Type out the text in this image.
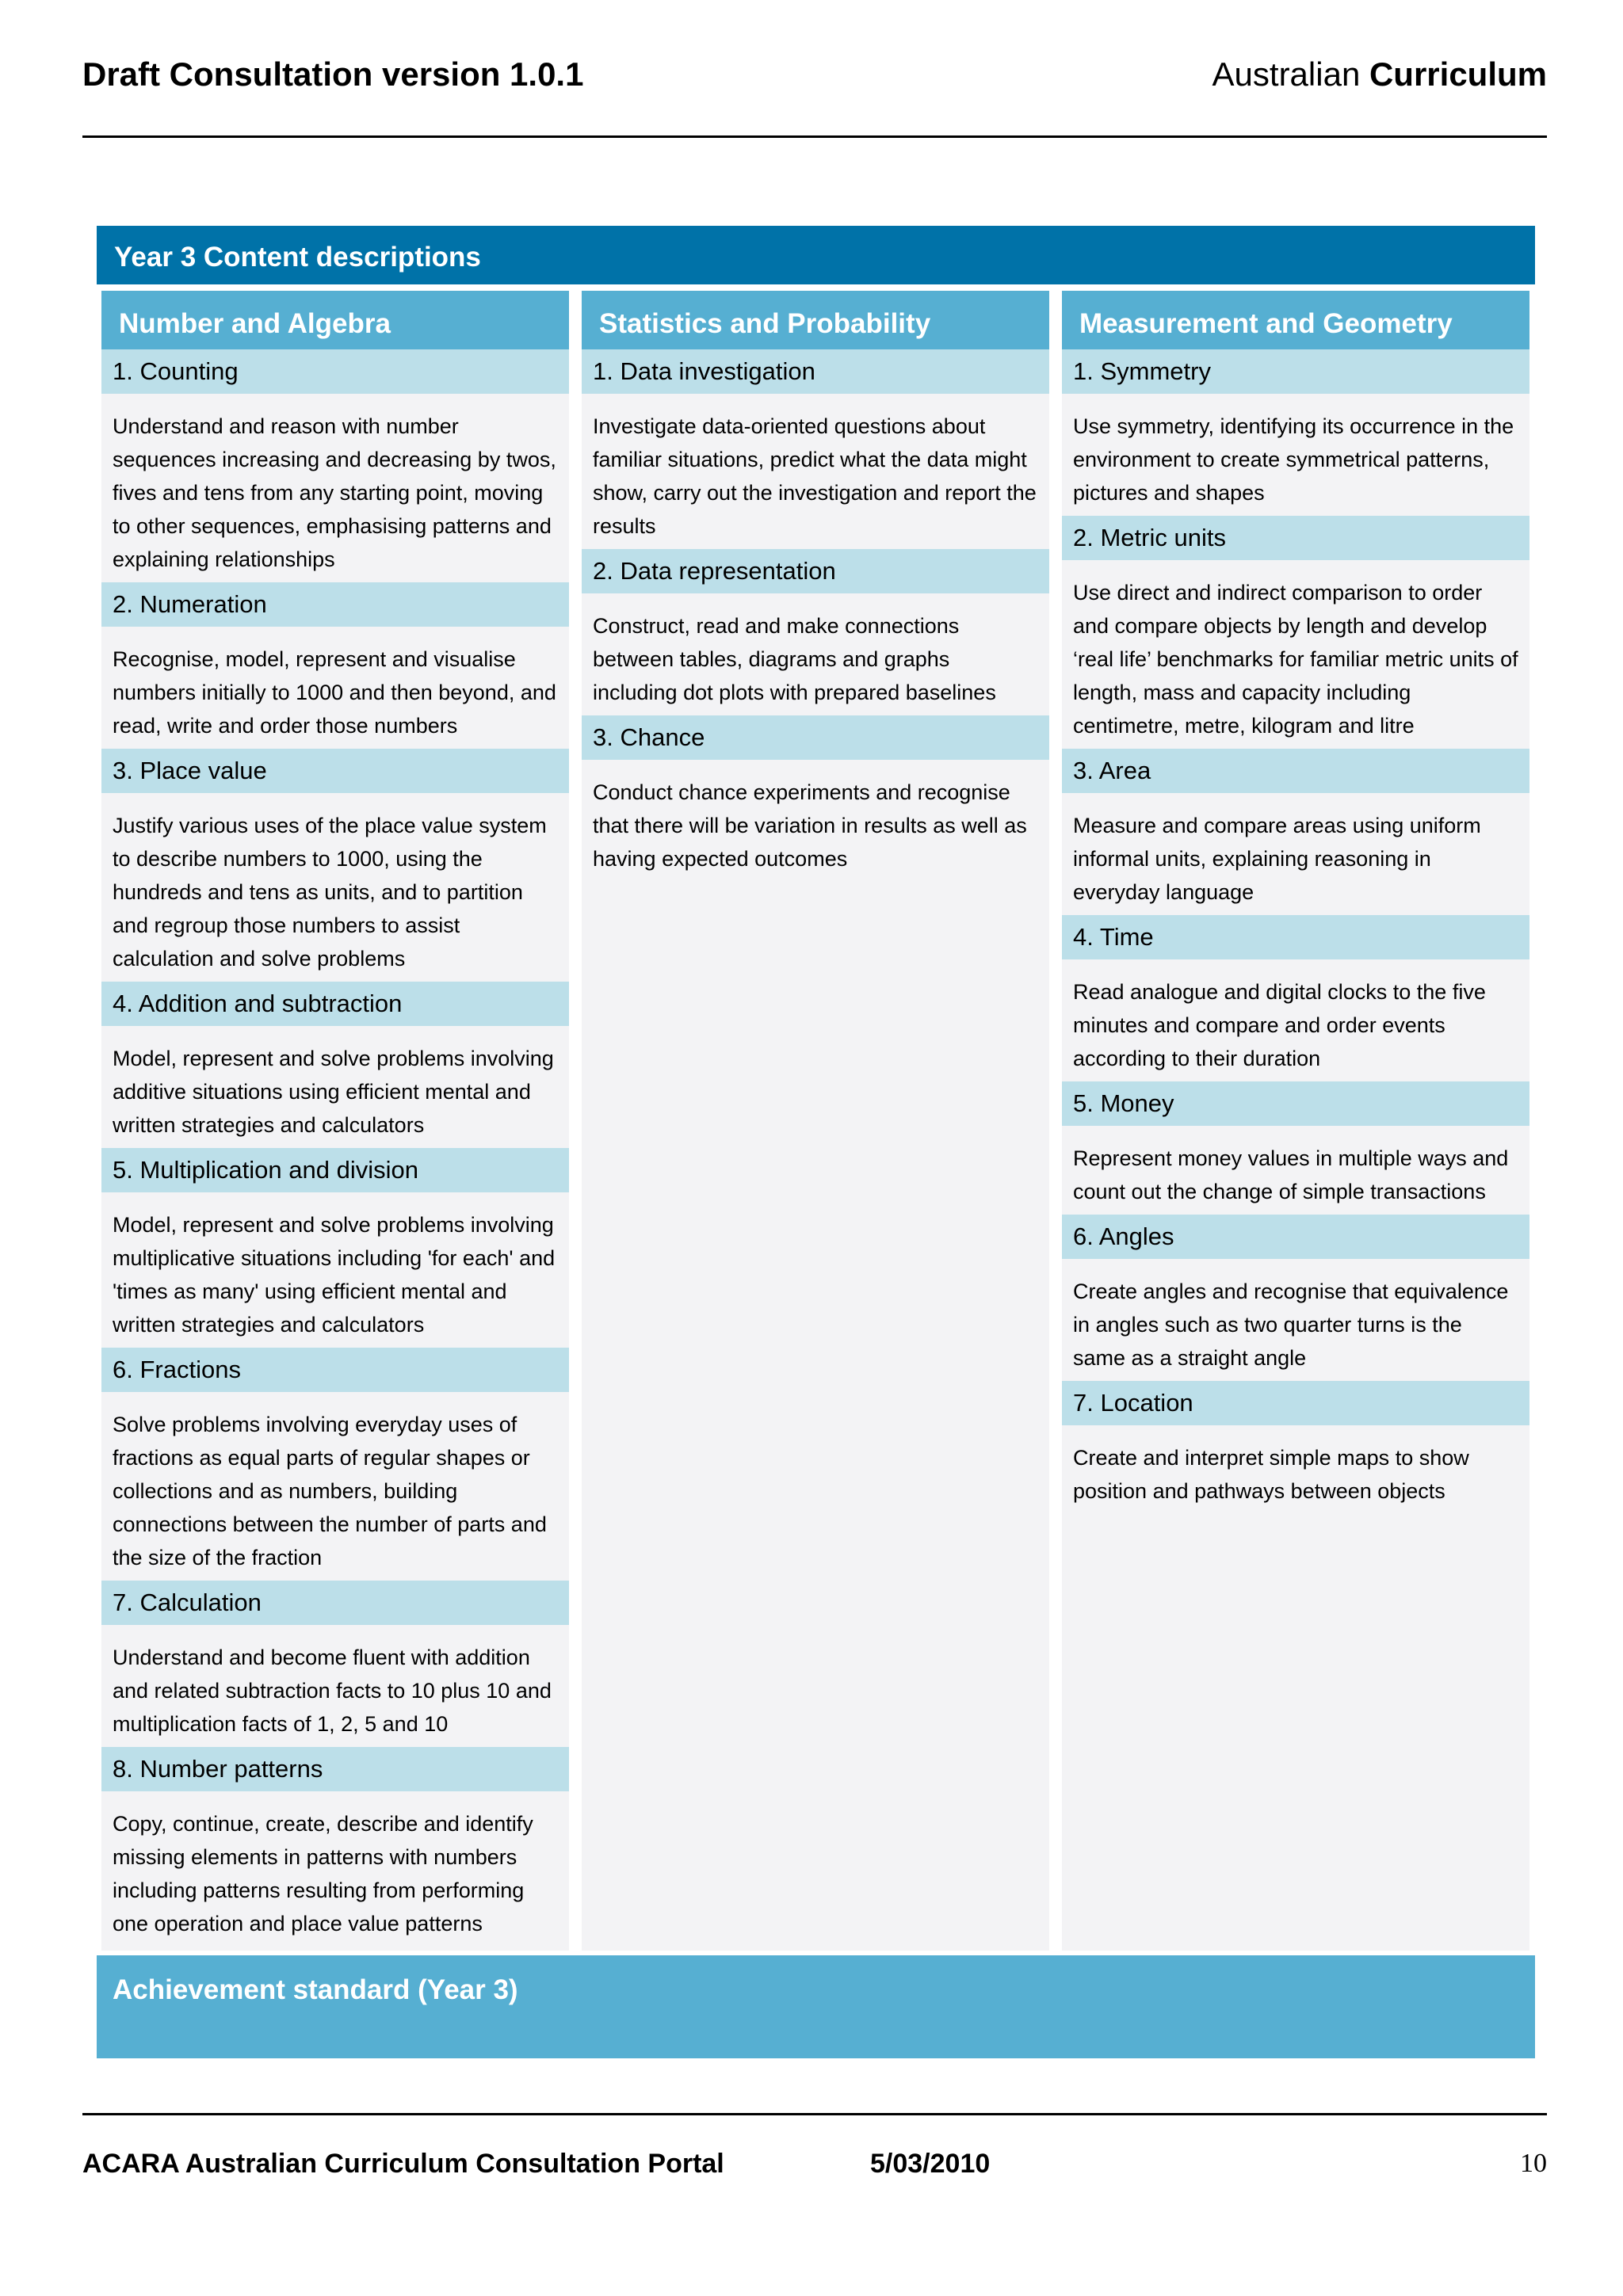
Draft Consultation version 1.0.1	Australian Curriculum
Year 3 Content descriptions
Number and Algebra
1. Counting
Understand and reason with number sequences increasing and decreasing by twos, fives and tens from any starting point, moving to other sequences, emphasising patterns and explaining relationships
2. Numeration
Recognise, model, represent and visualise numbers initially to 1000 and then beyond, and read, write and order those numbers
3. Place value
Justify various uses of the place value system to describe numbers to 1000, using the hundreds and tens as units, and to partition and regroup those numbers to assist calculation and solve problems
4. Addition and subtraction
Model, represent and solve problems involving additive situations using efficient mental and written strategies and calculators
5. Multiplication and division
Model, represent and solve problems involving multiplicative situations including 'for each' and 'times as many' using efficient mental and written strategies and calculators
6. Fractions
Solve problems involving everyday uses of fractions as equal parts of regular shapes or collections and as numbers, building connections between the number of parts and the size of the fraction
7. Calculation
Understand and become fluent with addition and related subtraction facts to 10 plus 10 and multiplication facts of 1, 2, 5 and 10
8. Number patterns
Copy, continue, create, describe and identify missing elements in patterns with numbers including patterns resulting from performing one operation and place value patterns
Statistics and Probability
1. Data investigation
Investigate data-oriented questions about familiar situations, predict what the data might show, carry out the investigation and report the results
2. Data representation
Construct, read and make connections between tables, diagrams and graphs including dot plots with prepared baselines
3. Chance
Conduct chance experiments and recognise that there will be variation in results as well as having expected outcomes
Measurement and Geometry
1. Symmetry
Use symmetry, identifying its occurrence in the environment to create symmetrical patterns, pictures and shapes
2. Metric units
Use direct and indirect comparison to order and compare objects by length and develop ‘real life’ benchmarks for familiar metric units of length, mass and capacity including centimetre, metre, kilogram and litre
3. Area
Measure and compare areas using uniform informal units, explaining reasoning in everyday language
4. Time
Read analogue and digital clocks to the five minutes and compare and order events according to their duration
5. Money
Represent money values in multiple ways and count out the change of simple transactions
6. Angles
Create angles and recognise that equivalence in angles such as two quarter turns is the same as a straight angle
7. Location
Create and interpret simple maps to show position and pathways between objects
Achievement standard (Year 3)
ACARA Australian Curriculum Consultation Portal	5/03/2010	10
